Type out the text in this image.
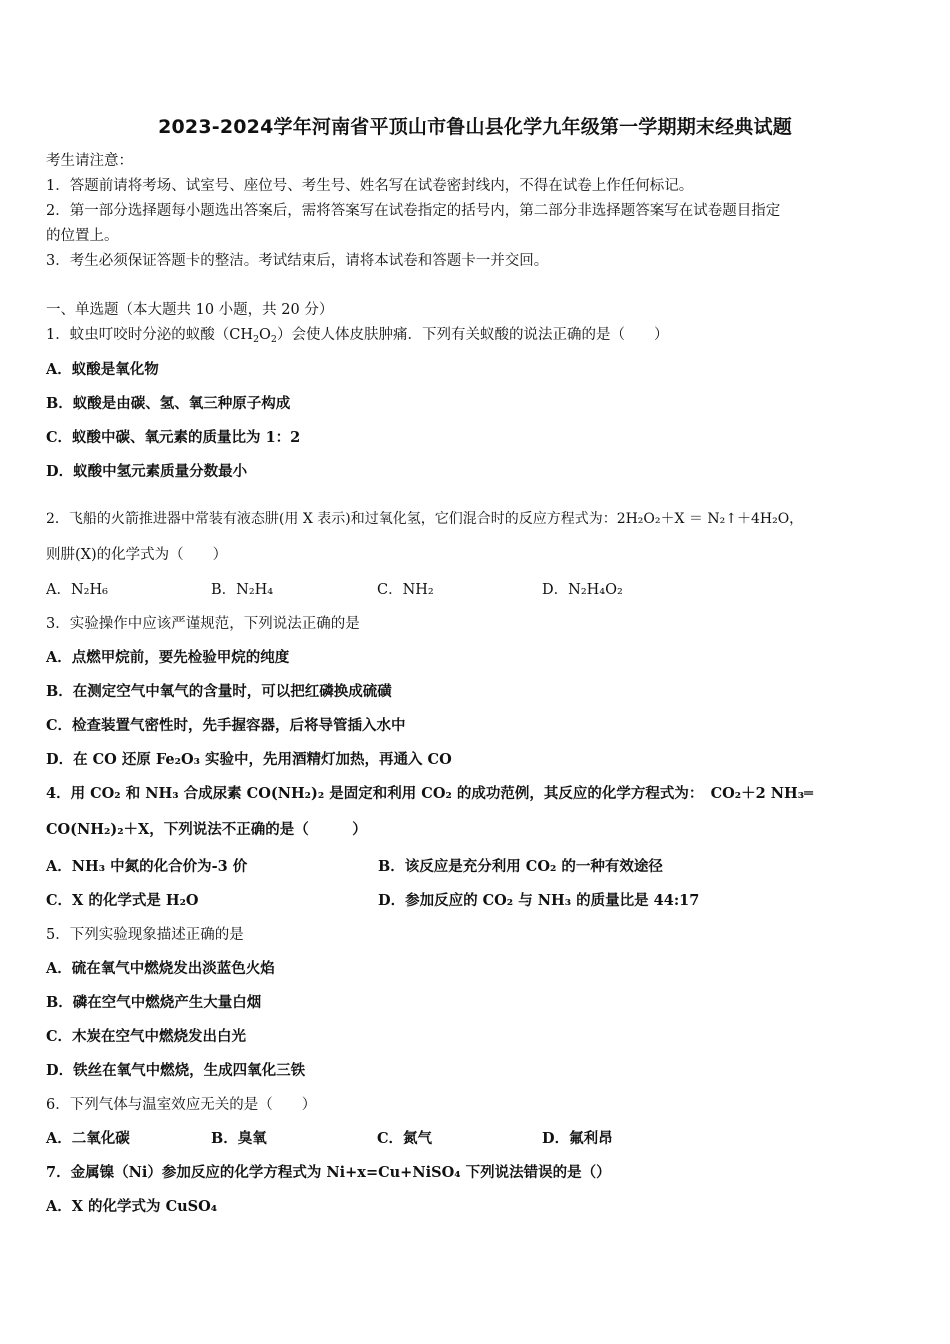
2023-2024学年河南省平顶山市鲁山县化学九年级第一学期期末经典试题
考生请注意：
1．答题前请将考场、试室号、座位号、考生号、姓名写在试卷密封线内，不得在试卷上作任何标记。
2．第一部分选择题每小题选出答案后，需将答案写在试卷指定的括号内，第二部分非选择题答案写在试卷题目指定
的位置上。
3．考生必须保证答题卡的整洁。考试结束后，请将本试卷和答题卡一并交回。
一、单选题（本大题共 10 小题，共 20 分）
1．蚊虫叮咬时分泌的蚁酸$(CH_2O_2)$会使人体皮肤肿痛．下列有关蚁酸的说法正确的是（　　）
A．蚁酸是氧化物
B．蚁酸是由碳、氢、氧三种原子构成
C．蚁酸中碳、氧元素的质量比为 1：2
D．蚁酸中氢元素质量分数最小
2．飞船的火箭推进器中常装有液态肼(用 X 表示)和过氧化氢，它们混合时的反应方程式为：2H₂O₂＋X ＝ N₂↑＋4H₂O，
则肼(X)的化学式为（　　）
A．N₂H₆	B．N₂H₄	C．NH₂	D．N₂H₄O₂
3．实验操作中应该严谨规范，下列说法正确的是
A．点燃甲烷前，要先检验甲烷的纯度
B．在测定空气中氧气的含量时，可以把红磷换成硫磺
C．检查装置气密性时，先手握容器，后将导管插入水中
D．在 CO 还原 Fe₂O₃ 实验中，先用酒精灯加热，再通入 CO
4．用 CO₂ 和 NH₃ 合成尿素 CO(NH₂)₂ 是固定和利用 CO₂ 的成功范例，其反应的化学方程式为：　CO₂＋2 NH₃═
CO(NH₂)₂＋X，下列说法不正确的是（　　　）
A．NH₃ 中氮的化合价为-3 价	B．该反应是充分利用 CO₂ 的一种有效途径
C．X 的化学式是 H₂O	D．参加反应的 CO₂ 与 NH₃ 的质量比是 44:17
5．下列实验现象描述正确的是
A．硫在氧气中燃烧发出淡蓝色火焰
B．磷在空气中燃烧产生大量白烟
C．木炭在空气中燃烧发出白光
D．铁丝在氧气中燃烧，生成四氧化三铁
6．下列气体与温室效应无关的是（　　）
A．二氧化碳	B．臭氧	C．氮气	D．氟利昂
7．金属镍（Ni）参加反应的化学方程式为 Ni+x=Cu+NiSO₄ 下列说法错误的是（）
A．X 的化学式为 CuSO₄
